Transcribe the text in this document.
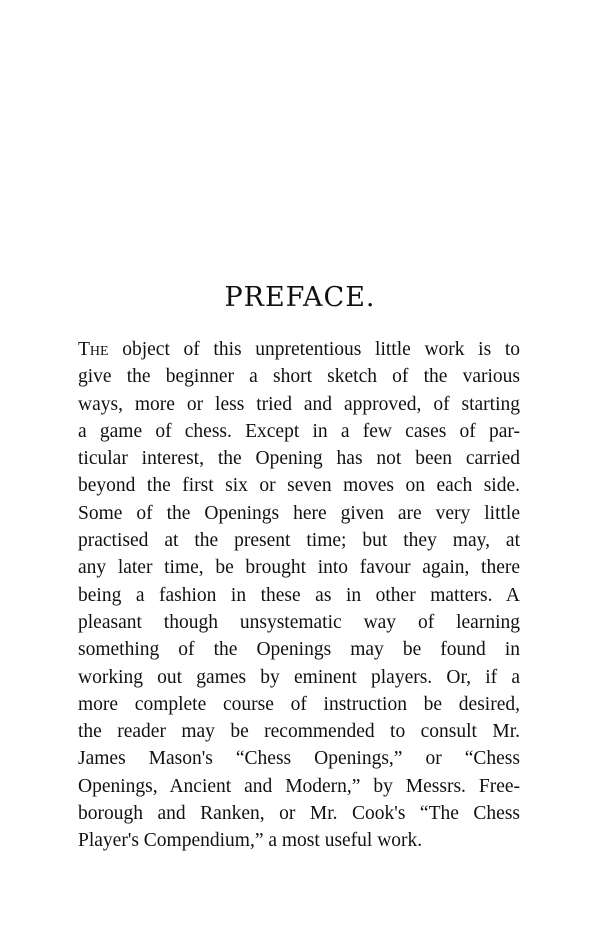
PREFACE.
The object of this unpretentious little work is to
give the beginner a short sketch of the various
ways, more or less tried and approved, of starting
a game of chess. Except in a few cases of par-
ticular interest, the Opening has not been carried
beyond the first six or seven moves on each side.
Some of the Openings here given are very little
practised at the present time; but they may, at
any later time, be brought into favour again, there
being a fashion in these as in other matters. A
pleasant though unsystematic way of learning
something of the Openings may be found in
working out games by eminent players. Or, if a
more complete course of instruction be desired,
the reader may be recommended to consult Mr.
James Mason's “Chess Openings,” or “Chess
Openings, Ancient and Modern,” by Messrs. Free-
borough and Ranken, or Mr. Cook's “The Chess
Player's Compendium,” a most useful work.
